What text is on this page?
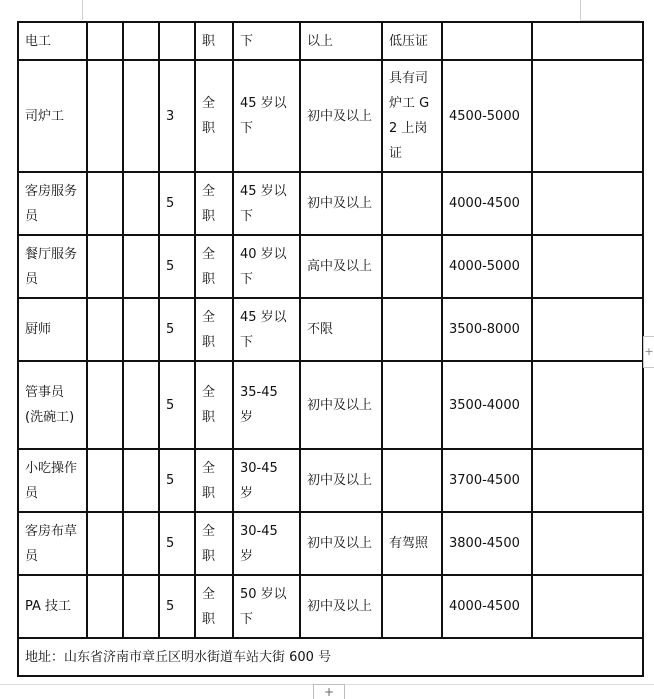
电工				职	下	以上	低压证		
司炉工			3	全职	45 岁以下	初中及以上	具有司炉工 G2 上岗证	4500-5000	
客房服务员			5	全职	45 岁以下	初中及以上		4000-4500	
餐厅服务员			5	全职	40 岁以下	高中及以上		4000-5000	
厨师			5	全职	45 岁以下	不限		3500-8000	
管事员(洗碗工)			5	全职	35-45 岁	初中及以上		3500-4000	
小吃操作员			5	全职	30-45 岁	初中及以上		3700-4500	
客房布草员			5	全职	30-45 岁	初中及以上	有驾照	3800-4500	
PA 技工			5	全职	50 岁以下	初中及以上		4000-4500	
地址：山东省济南市章丘区明水街道车站大街 600 号									
+
+
